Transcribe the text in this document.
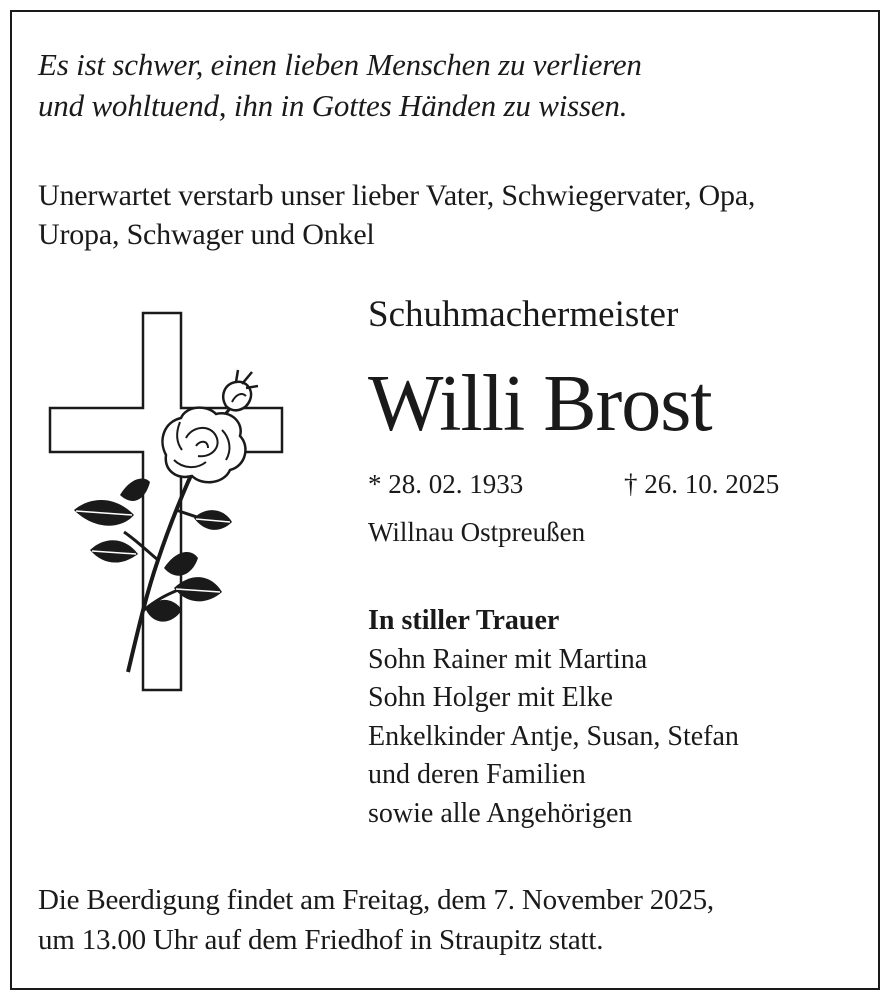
Es ist schwer, einen lieben Menschen zu verlieren
und wohltuend, ihn in Gottes Händen zu wissen.
Unerwartet verstarb unser lieber Vater, Schwiegervater, Opa,
Uropa, Schwager und Onkel
Schuhmachermeister
Willi Brost
* 28. 02. 1933	† 26. 10. 2025
Willnau Ostpreußen
In stiller Trauer
Sohn Rainer mit Martina
Sohn Holger mit Elke
Enkelkinder Antje, Susan, Stefan
und deren Familien
sowie alle Angehörigen
Die Beerdigung findet am Freitag, dem 7. November 2025,
um 13.00 Uhr auf dem Friedhof in Straupitz statt.
